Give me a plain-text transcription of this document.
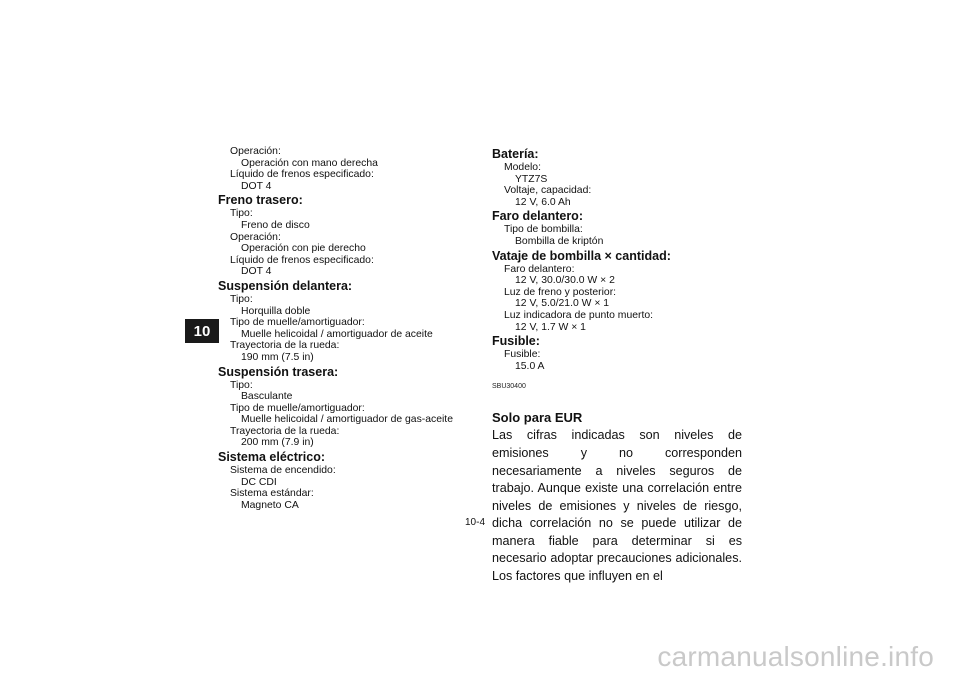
10
Operación:
Operación con mano derecha
Líquido de frenos especificado:
DOT 4
Freno trasero:
Tipo:
Freno de disco
Operación:
Operación con pie derecho
Líquido de frenos especificado:
DOT 4
Suspensión delantera:
Tipo:
Horquilla doble
Tipo de muelle/amortiguador:
Muelle helicoidal / amortiguador de aceite
Trayectoria de la rueda:
190 mm (7.5 in)
Suspensión trasera:
Tipo:
Basculante
Tipo de muelle/amortiguador:
Muelle helicoidal / amortiguador de gas-aceite
Trayectoria de la rueda:
200 mm (7.9 in)
Sistema eléctrico:
Sistema de encendido:
DC CDI
Sistema estándar:
Magneto CA
Batería:
Modelo:
YTZ7S
Voltaje, capacidad:
12 V, 6.0 Ah
Faro delantero:
Tipo de bombilla:
Bombilla de kriptón
Vataje de bombilla × cantidad:
Faro delantero:
12 V, 30.0/30.0 W × 2
Luz de freno y posterior:
12 V, 5.0/21.0 W × 1
Luz indicadora de punto muerto:
12 V, 1.7 W × 1
Fusible:
Fusible:
15.0 A
SBU30400
Solo para EUR
Las cifras indicadas son niveles de emisiones y no corresponden necesariamente a niveles seguros de trabajo. Aunque existe una correlación entre niveles de emisiones y niveles de riesgo, dicha correlación no se puede utilizar de manera fiable para determinar si es necesario adoptar precauciones adicionales. Los factores que influyen en el
10-4
carmanualsonline.info
